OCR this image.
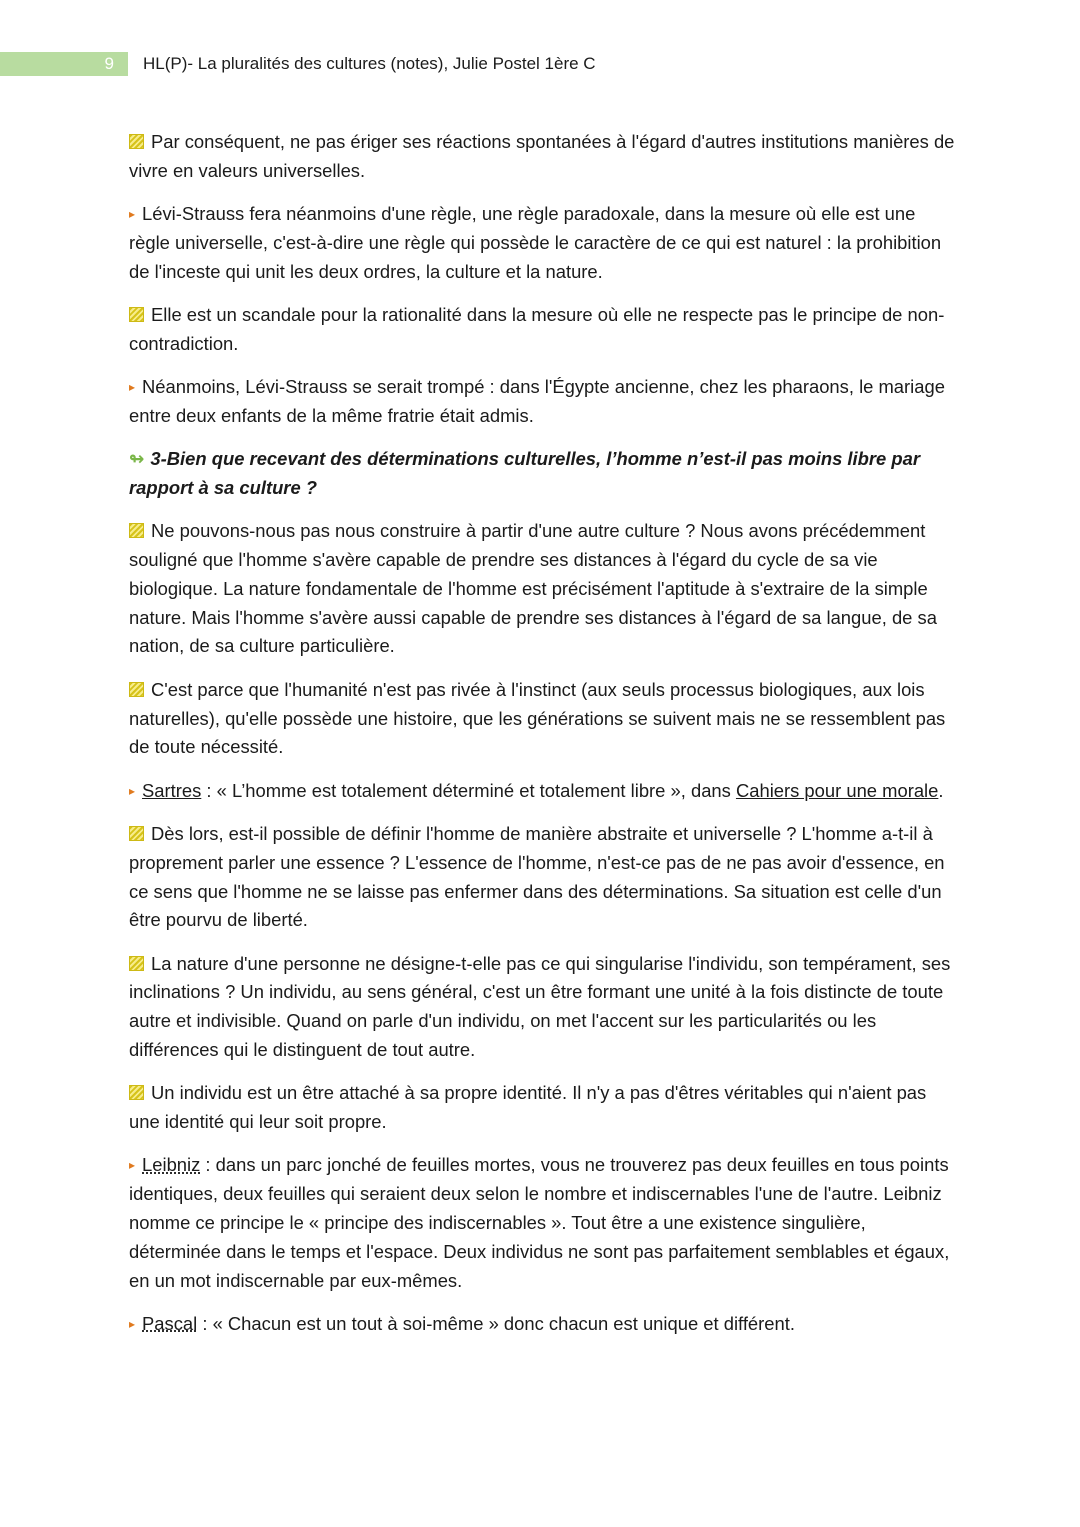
9	HL(P)- La pluralités des cultures (notes), Julie Postel 1ère C

Par conséquent, ne pas ériger ses réactions spontanées à l'égard d'autres institutions manières de vivre en valeurs universelles.

▸ Lévi-Strauss fera néanmoins d'une règle, une règle paradoxale, dans la mesure où elle est une règle universelle, c'est-à-dire une règle qui possède le caractère de ce qui est naturel : la prohibition de l'inceste qui unit les deux ordres, la culture et la nature.

Elle est un scandale pour la rationalité dans la mesure où elle ne respecte pas le principe de non-contradiction.

▸ Néanmoins, Lévi-Strauss se serait trompé : dans l'Égypte ancienne, chez les pharaons, le mariage entre deux enfants de la même fratrie était admis.

↬ 3-Bien que recevant des déterminations culturelles, l’homme n’est-il pas moins libre par rapport à sa culture ?

Ne pouvons-nous pas nous construire à partir d'une autre culture ? Nous avons précédemment souligné que l'homme s'avère capable de prendre ses distances à l'égard du cycle de sa vie biologique. La nature fondamentale de l'homme est précisément l'aptitude à s'extraire de la simple nature. Mais l'homme s'avère aussi capable de prendre ses distances à l'égard de sa langue, de sa nation, de sa culture particulière.

C'est parce que l'humanité n'est pas rivée à l'instinct (aux seuls processus biologiques, aux lois naturelles), qu'elle possède une histoire, que les générations se suivent mais ne se ressemblent pas de toute nécessité.

▸ Sartres : « L’homme est totalement déterminé et totalement libre », dans Cahiers pour une morale.

Dès lors, est-il possible de définir l'homme de manière abstraite et universelle ? L'homme a-t-il à proprement parler une essence ? L'essence de l'homme, n'est-ce pas de ne pas avoir d'essence, en ce sens que l'homme ne se laisse pas enfermer dans des déterminations. Sa situation est celle d'un être pourvu de liberté.

La nature d'une personne ne désigne-t-elle pas ce qui singularise l'individu, son tempérament, ses inclinations ? Un individu, au sens général, c'est un être formant une unité à la fois distincte de toute autre et indivisible. Quand on parle d'un individu, on met l'accent sur les particularités ou les différences qui le distinguent de tout autre.

Un individu est un être attaché à sa propre identité. Il n'y a pas d'êtres véritables qui n'aient pas une identité qui leur soit propre.

▸ Leibniz : dans un parc jonché de feuilles mortes, vous ne trouverez pas deux feuilles en tous points identiques, deux feuilles qui seraient deux selon le nombre et indiscernables l'une de l'autre. Leibniz nomme ce principe le « principe des indiscernables ». Tout être a une existence singulière, déterminée dans le temps et l'espace. Deux individus ne sont pas parfaitement semblables et égaux, en un mot indiscernable par eux-mêmes.

▸ Pascal : « Chacun est un tout à soi-même » donc chacun est unique et différent.
